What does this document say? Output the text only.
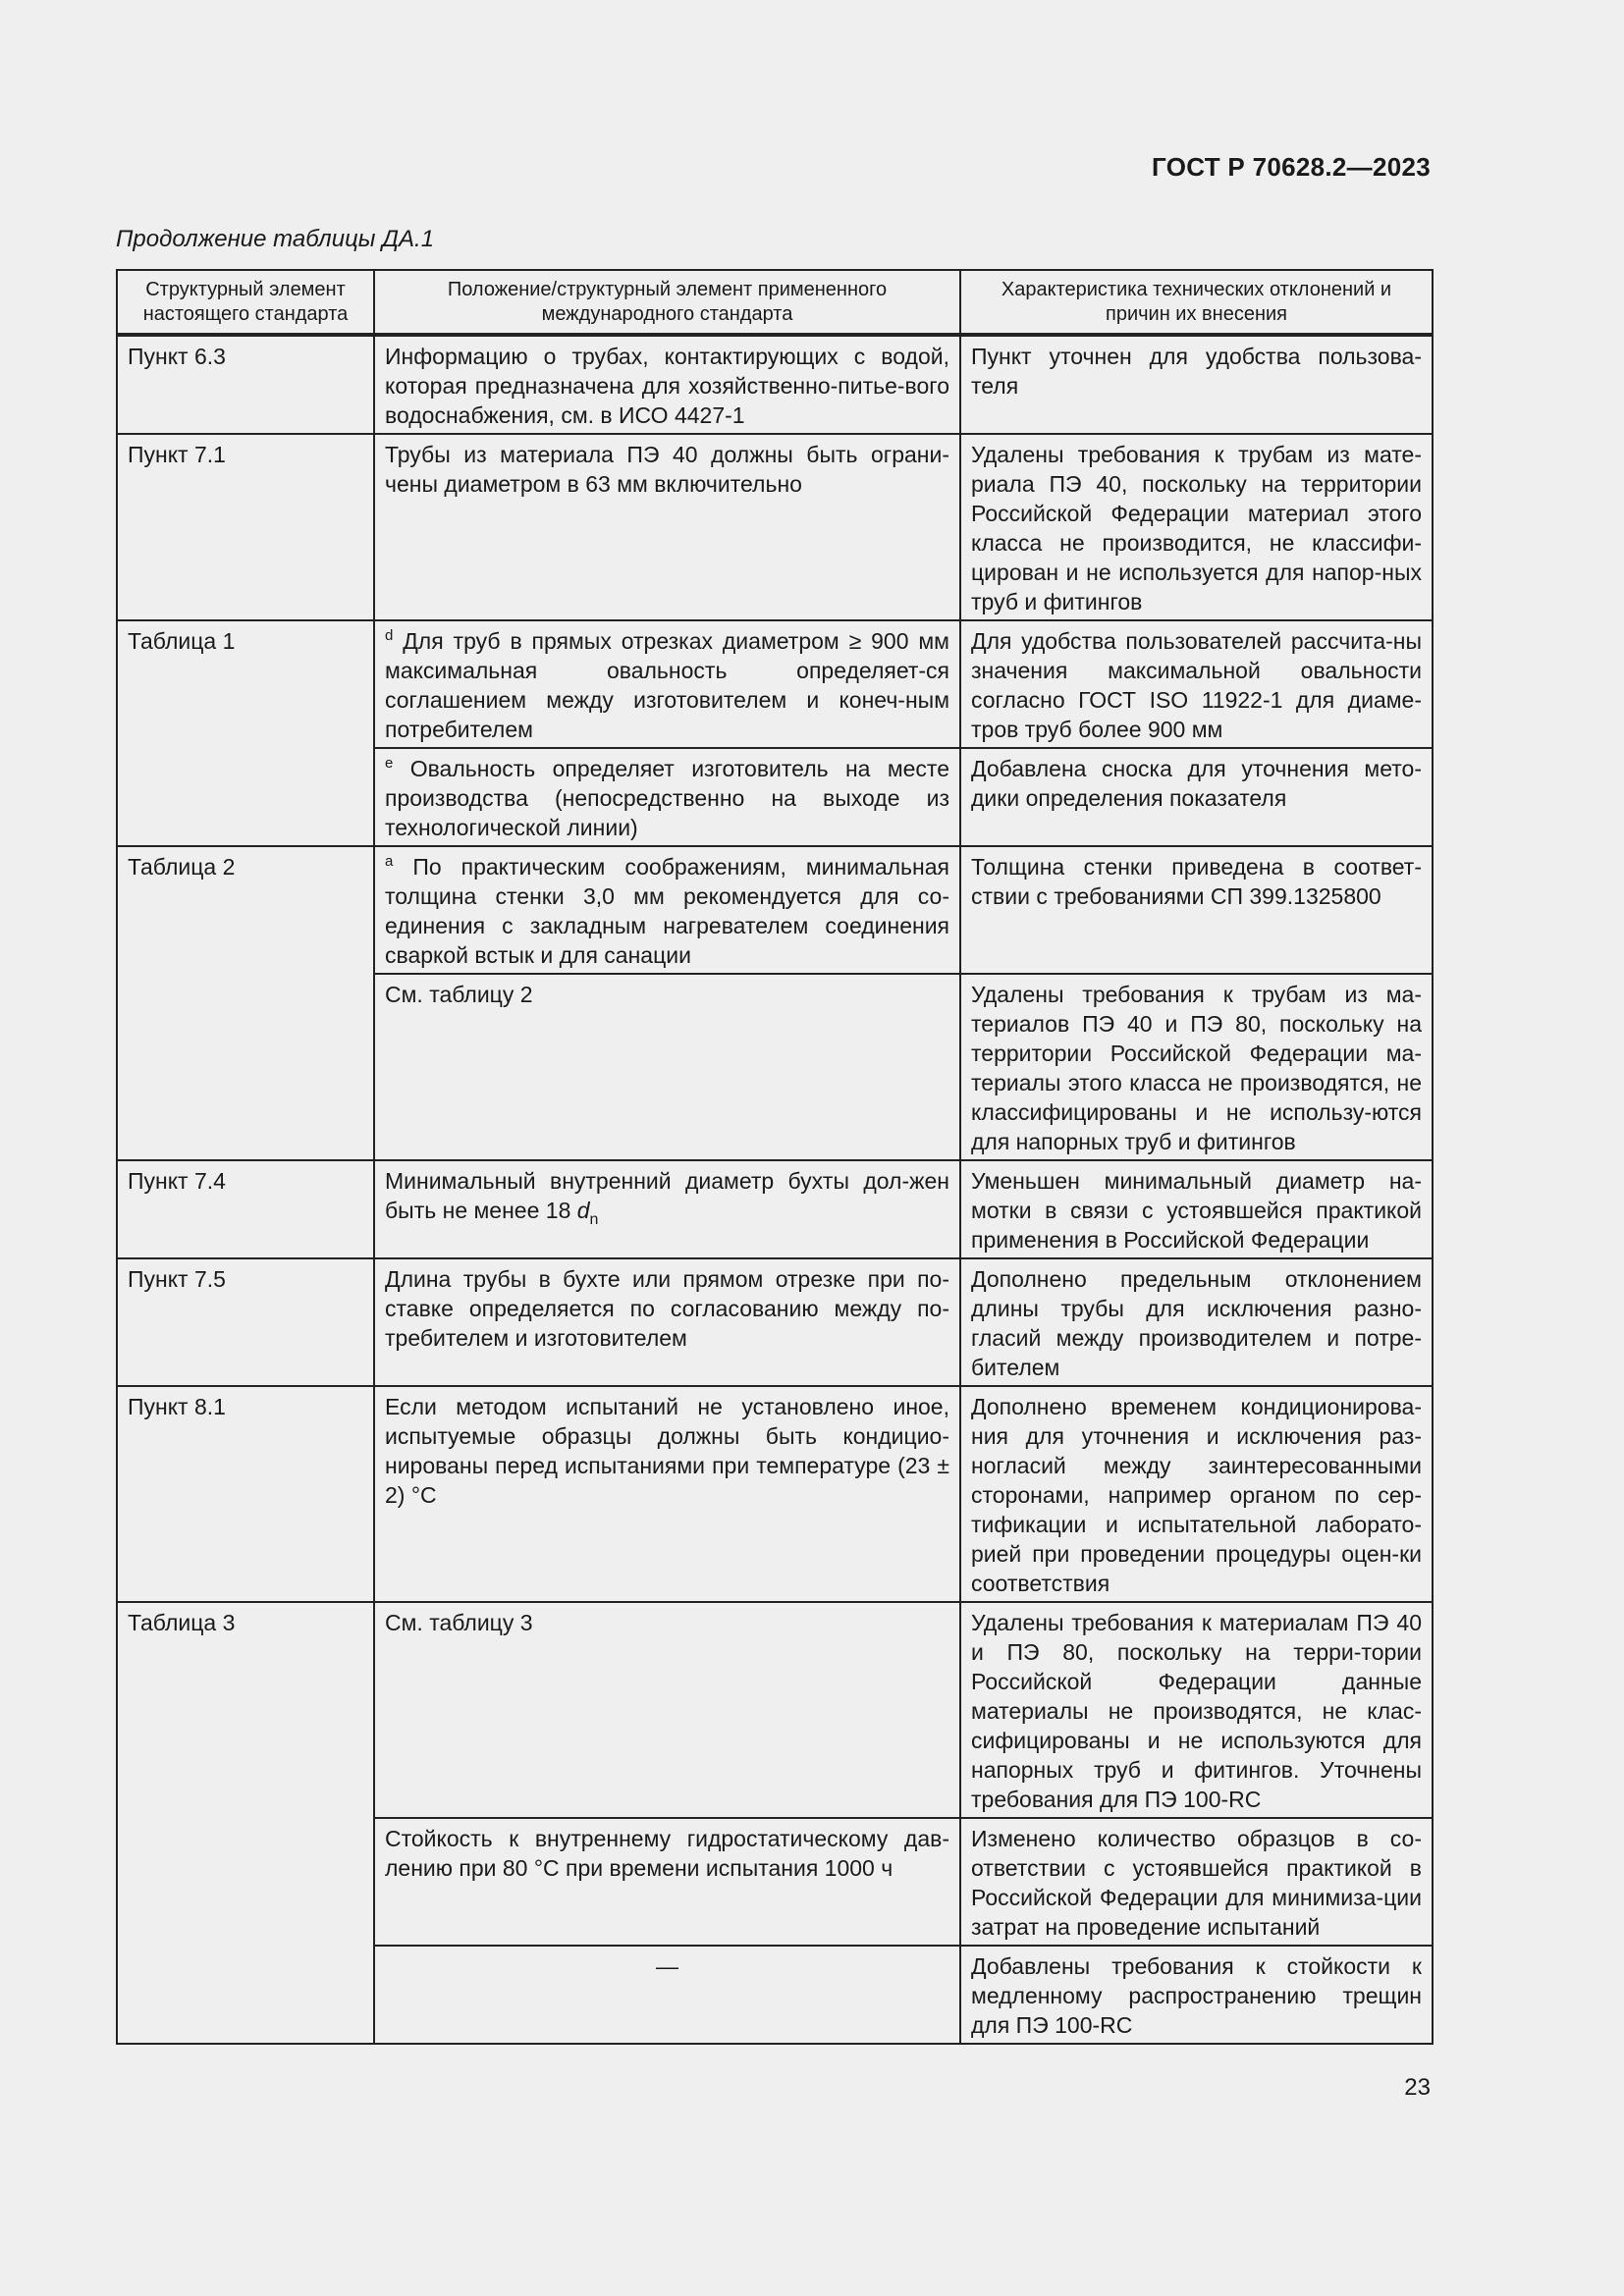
ГОСТ Р 70628.2—2023
Продолжение таблицы ДА.1
Структурный элемент настоящего стандарта	Положение/структурный элемент примененного международного стандарта	Характеристика технических отклонений и причин их внесения
Пункт 6.3	Информацию о трубах, контактирующих с водой, которая предназначена для хозяйственно-питье-вого водоснабжения, см. в ИСО 4427-1	Пункт уточнен для удобства пользова-теля
Пункт 7.1	Трубы из материала ПЭ 40 должны быть ограни-чены диаметром в 63 мм включительно	Удалены требования к трубам из мате-риала ПЭ 40, поскольку на территории Российской Федерации материал этого класса не производится, не классифи-цирован и не используется для напор-ных труб и фитингов
Таблица 1	$^d$ Для труб в прямых отрезках диаметром ≥ 900 мм максимальная овальность определяет-ся соглашением между изготовителем и конеч-ным потребителем	Для удобства пользователей рассчита-ны значения максимальной овальности согласно ГОСТ ISO 11922-1 для диаме-тров труб более 900 мм
	$^e$ Овальность определяет изготовитель на месте производства (непосредственно на выходе из технологической линии)	Добавлена сноска для уточнения мето-дики определения показателя
Таблица 2	$^a$ По практическим соображениям, минимальная толщина стенки 3,0 мм рекомендуется для со-единения с закладным нагревателем соединения сваркой встык и для санации	Толщина стенки приведена в соответ-ствии с требованиями СП 399.1325800
	См. таблицу 2	Удалены требования к трубам из ма-териалов ПЭ 40 и ПЭ 80, поскольку на территории Российской Федерации ма-териалы этого класса не производятся, не классифицированы и не использу-ются для напорных труб и фитингов
Пункт 7.4	Минимальный внутренний диаметр бухты дол-жен быть не менее 18 $d_n$	Уменьшен минимальный диаметр на-мотки в связи с устоявшейся практикой применения в Российской Федерации
Пункт 7.5	Длина трубы в бухте или прямом отрезке при по-ставке определяется по согласованию между по-требителем и изготовителем	Дополнено предельным отклонением длины трубы для исключения разно-гласий между производителем и потре-бителем
Пункт 8.1	Если методом испытаний не установлено иное, испытуемые образцы должны быть кондицио-нированы перед испытаниями при температуре (23 ± 2) °С	Дополнено временем кондиционирова-ния для уточнения и исключения раз-ногласий между заинтересованными сторонами, например органом по сер-тификации и испытательной лаборато-рией при проведении процедуры оцен-ки соответствия
Таблица 3	См. таблицу 3	Удалены требования к материалам ПЭ 40 и ПЭ 80, поскольку на терри-тории Российской Федерации данные материалы не производятся, не клас-сифицированы и не используются для напорных труб и фитингов. Уточнены требования для ПЭ 100-RC
	Стойкость к внутреннему гидростатическому дав-лению при 80 °С при времени испытания 1000 ч	Изменено количество образцов в со-ответствии с устоявшейся практикой в Российской Федерации для минимиза-ции затрат на проведение испытаний
	—	Добавлены требования к стойкости к медленному распространению трещин для ПЭ 100-RC
23
